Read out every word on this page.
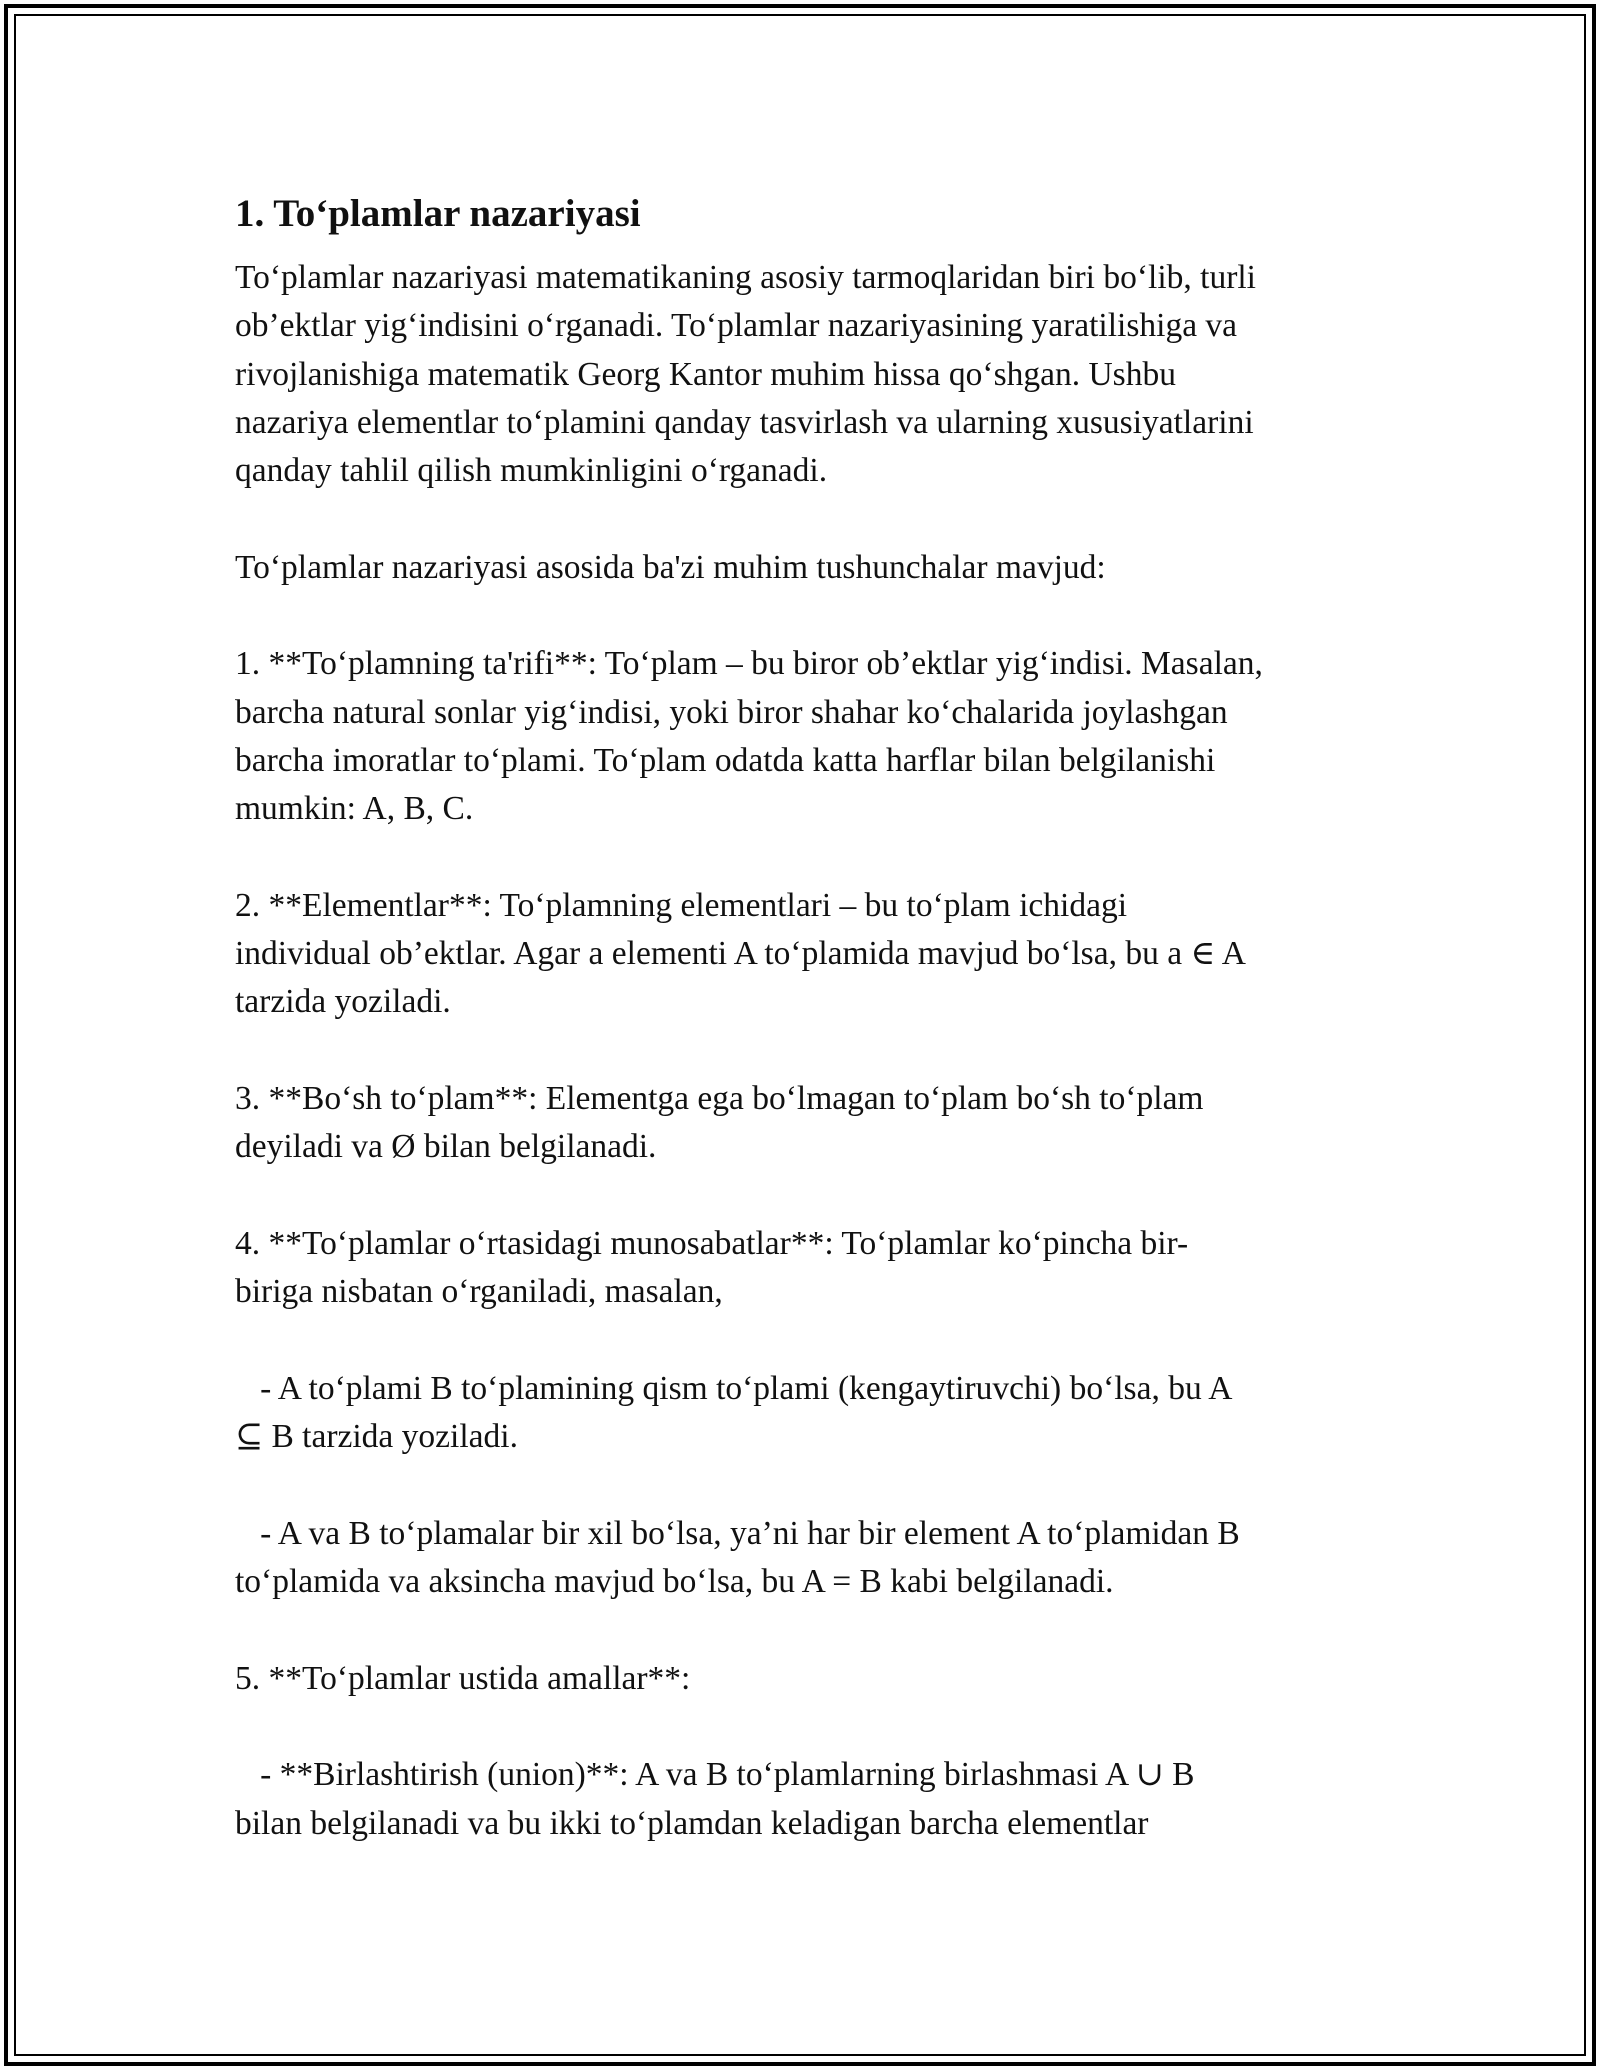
1. To‘plamlar nazariyasi
To‘plamlar nazariyasi matematikaning asosiy tarmoqlaridan biri bo‘lib, turli
ob’ektlar yig‘indisini o‘rganadi. To‘plamlar nazariyasining yaratilishiga va
rivojlanishiga matematik Georg Kantor muhim hissa qo‘shgan. Ushbu
nazariya elementlar to‘plamini qanday tasvirlash va ularning xususiyatlarini
qanday tahlil qilish mumkinligini o‘rganadi.
To‘plamlar nazariyasi asosida ba'zi muhim tushunchalar mavjud:
1. **To‘plamning ta'rifi**: To‘plam – bu biror ob’ektlar yig‘indisi. Masalan,
barcha natural sonlar yig‘indisi, yoki biror shahar ko‘chalarida joylashgan
barcha imoratlar to‘plami. To‘plam odatda katta harflar bilan belgilanishi
mumkin: A, B, C.
2. **Elementlar**: To‘plamning elementlari – bu to‘plam ichidagi
individual ob’ektlar. Agar a elementi A to‘plamida mavjud bo‘lsa, bu a ∈ A
tarzida yoziladi.
3. **Bo‘sh to‘plam**: Elementga ega bo‘lmagan to‘plam bo‘sh to‘plam
deyiladi va Ø bilan belgilanadi.
4. **To‘plamlar o‘rtasidagi munosabatlar**: To‘plamlar ko‘pincha bir-
biriga nisbatan o‘rganiladi, masalan,
- A to‘plami B to‘plamining qism to‘plami (kengaytiruvchi) bo‘lsa, bu A
⊆ B tarzida yoziladi.
- A va B to‘plamalar bir xil bo‘lsa, ya’ni har bir element A to‘plamidan B
to‘plamida va aksincha mavjud bo‘lsa, bu A = B kabi belgilanadi.
5. **To‘plamlar ustida amallar**:
- **Birlashtirish (union)**: A va B to‘plamlarning birlashmasi A ∪ B
bilan belgilanadi va bu ikki to‘plamdan keladigan barcha elementlar
